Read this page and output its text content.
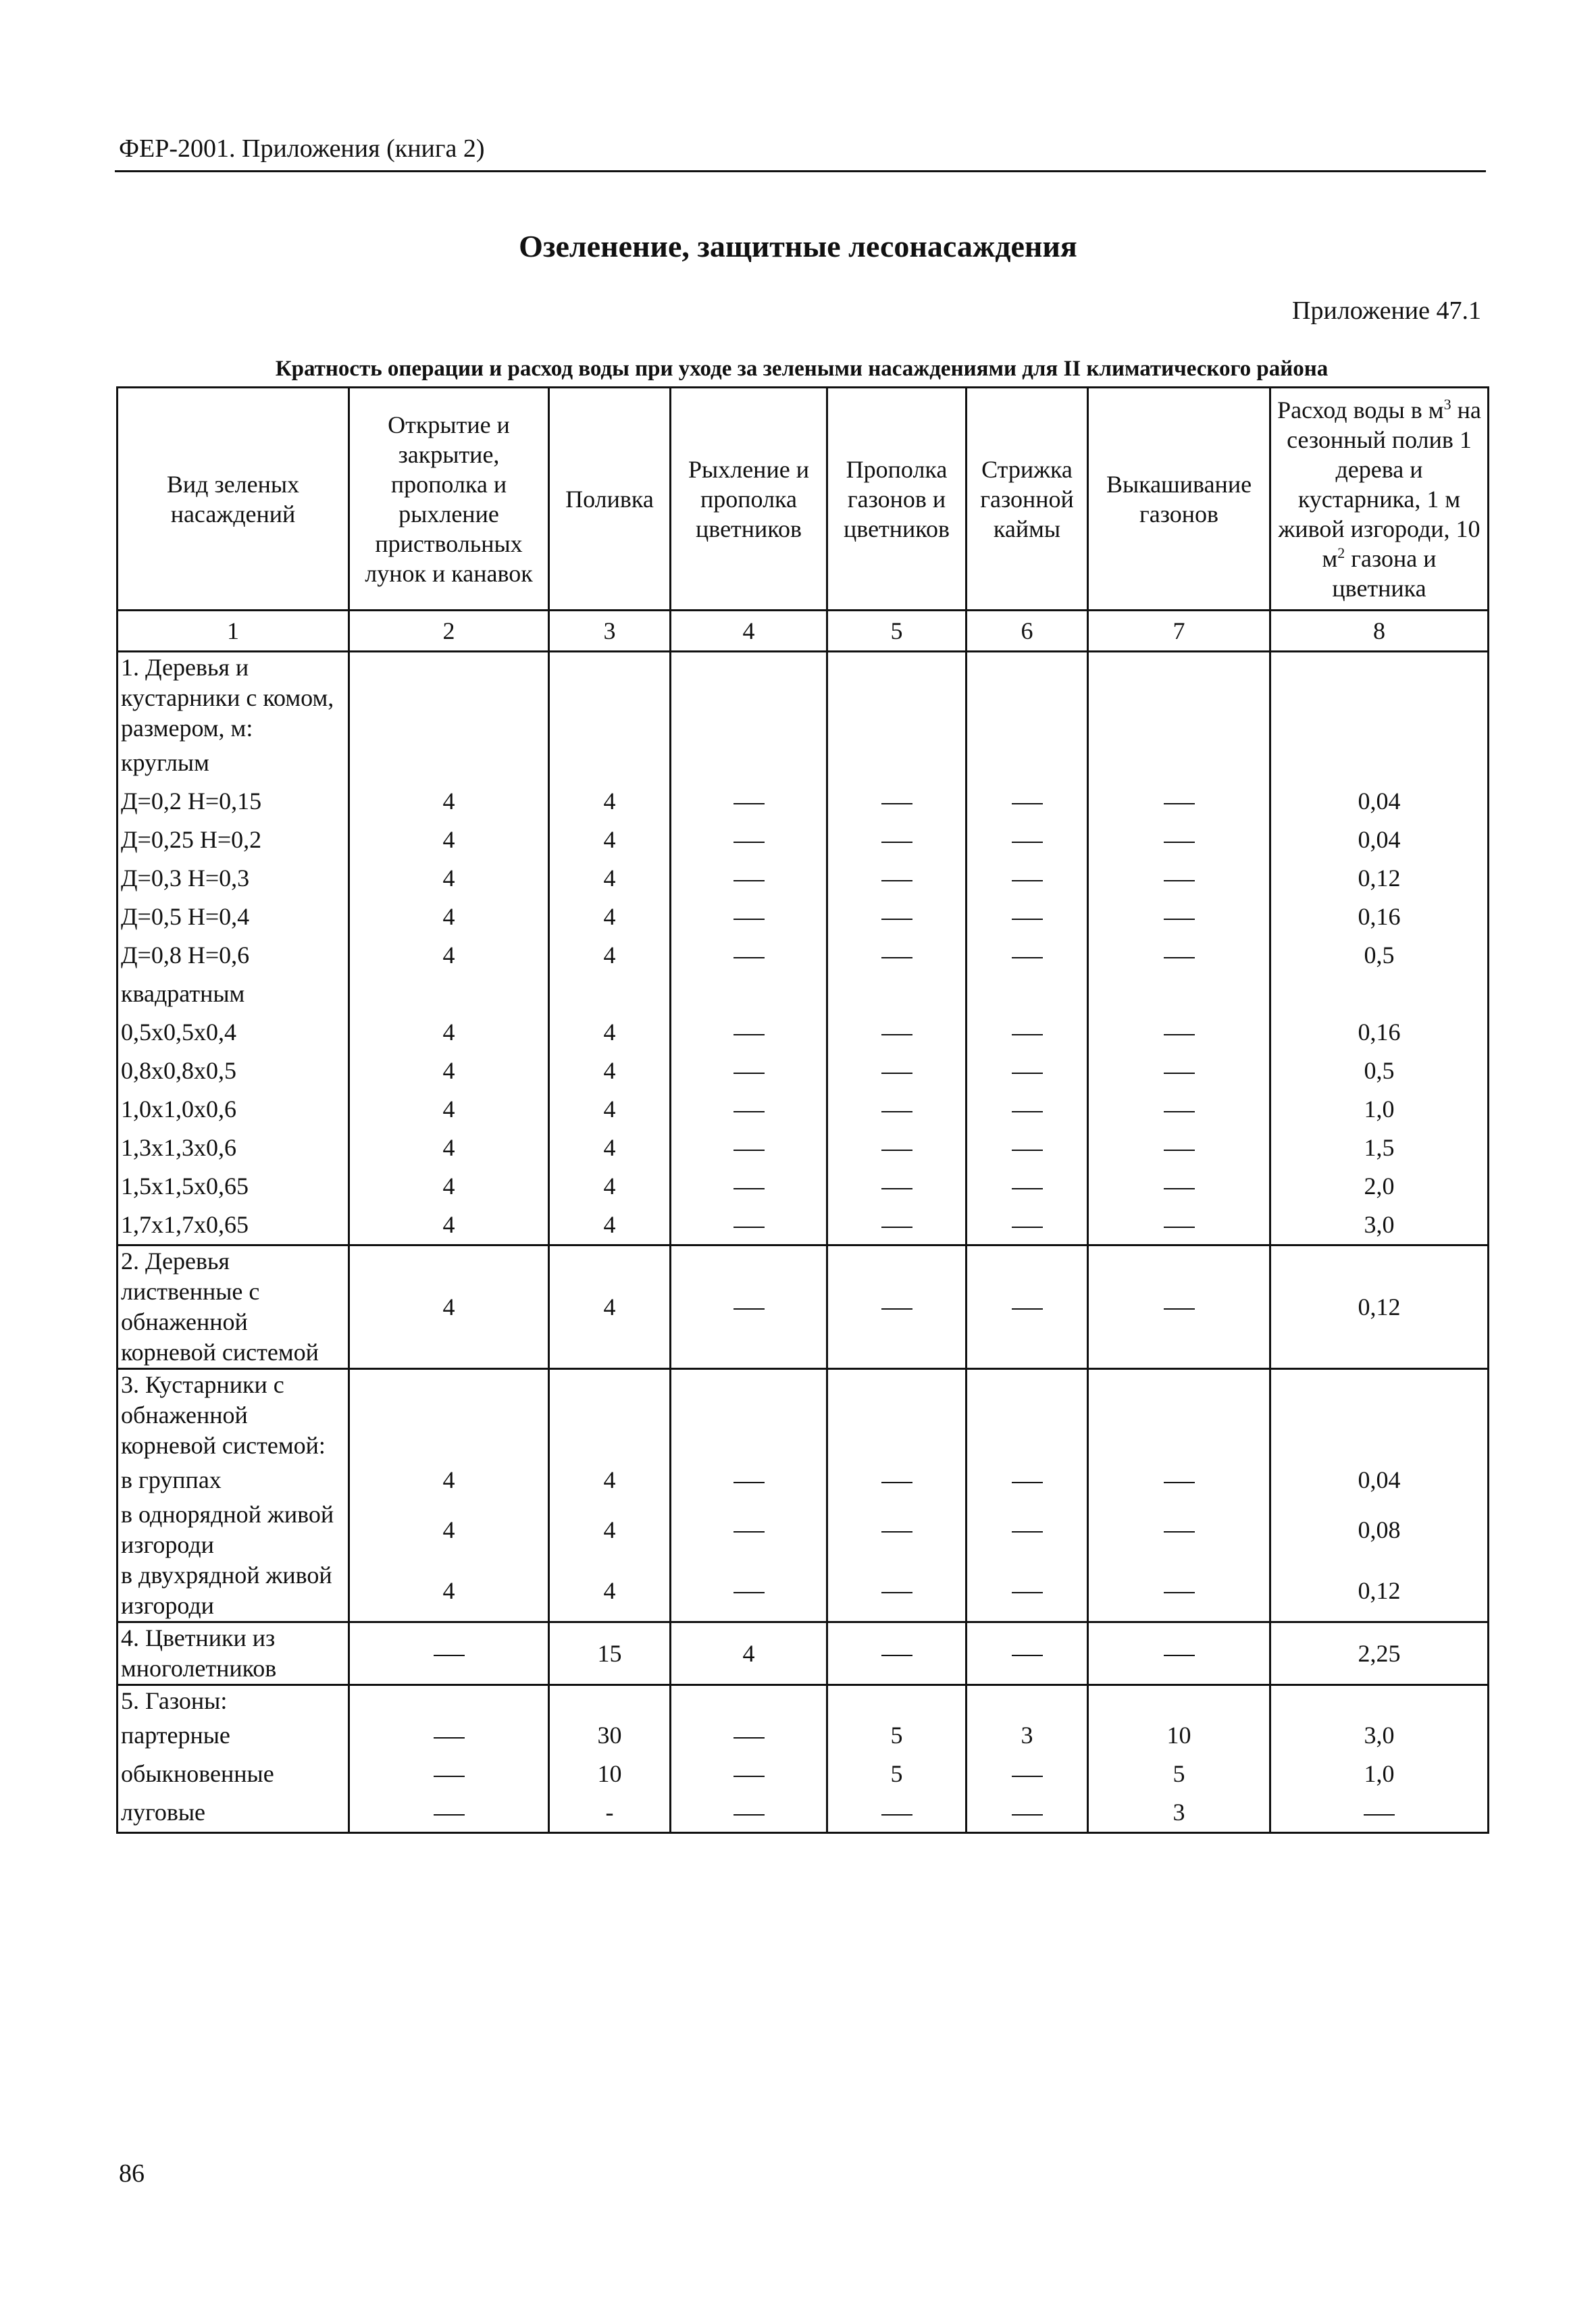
ФЕР-2001. Приложения (книга 2)
Озеленение, защитные лесонасаждения
Приложение 47.1
Кратность операции и расход воды при уходе за зелеными насаждениями для II климатического района
Вид зеленых насаждений	Открытие и закрытие, прополка и рыхление приствольных лунок и канавок	Поливка	Рыхление и прополка цветников	Прополка газонов и цветников	Стрижка газонной каймы	Выкашивание газонов	Расход воды в $м^3$ на сезонный полив 1 дерева и кустарника, 1 м живой изгороди, 10 $м^2$ газона и цветника
1	2	3	4	5	6	7	8
1. Деревья и кустарники с комом, размером, м:							
круглым							
Д=0,2 Н=0,15	4	4					0,04
Д=0,25 Н=0,2	4	4					0,04
Д=0,3 Н=0,3	4	4					0,12
Д=0,5 Н=0,4	4	4					0,16
Д=0,8 Н=0,6	4	4					0,5
квадратным							
0,5x0,5x0,4	4	4					0,16
0,8x0,8x0,5	4	4					0,5
1,0x1,0x0,6	4	4					1,0
1,3x1,3x0,6	4	4					1,5
1,5x1,5x0,65	4	4					2,0
1,7x1,7x0,65	4	4					3,0
2. Деревья лиственные с обнаженной корневой системой	4	4					0,12
3. Кустарники с обнаженной корневой системой:							
в группах	4	4					0,04
в однорядной живой изгороди	4	4					0,08
в двухрядной живой изгороди	4	4					0,12
4. Цветники из многолетников		15	4				2,25
5. Газоны:							
партерные		30		5	3	10	3,0
обыкновенные		10		5		5	1,0
луговые		-				3	
86
